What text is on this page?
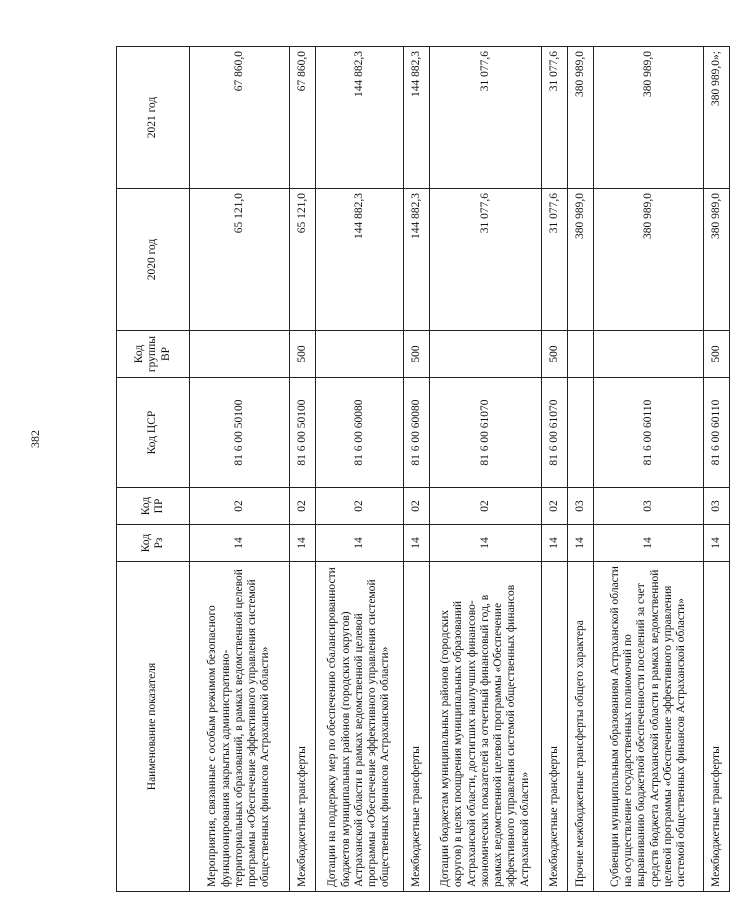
382
Наименование показателя	Код Рз	Код ПР	Код ЦСР	Код группы ВР	2020 год	2021 год
Мероприятия, связанные с особым режимом безопасного функционирования закрытых административно-территориальных образований, в рамках ведомственной целевой программы «Обеспечение эффективного управления системой общественных финансов Астраханской области»	14	02	81 6 00 50100		65 121,0	67 860,0
Межбюджетные трансферты	14	02	81 6 00 50100	500	65 121,0	67 860,0
Дотации на поддержку мер по обеспечению сбалансированности бюджетов муниципальных районов (городских округов) Астраханской области в рамках ведомственной целевой программы «Обеспечение эффективного управления системой общественных финансов Астраханской области»	14	02	81 6 00 60080		144 882,3	144 882,3
Межбюджетные трансферты	14	02	81 6 00 60080	500	144 882,3	144 882,3
Дотации бюджетам муниципальных районов (городских округов) в целях поощрения муниципальных образований Астраханской области, достигших наилучших финансово-экономических показателей за отчетный финансовый год, в рамках ведомственной целевой программы «Обеспечение эффективного управления системой общественных финансов Астраханской области»	14	02	81 6 00 61070		31 077,6	31 077,6
Межбюджетные трансферты	14	02	81 6 00 61070	500	31 077,6	31 077,6
Прочие межбюджетные трансферты общего характера	14	03			380 989,0	380 989,0
Субвенции муниципальным образованиям Астраханской области на осуществление государственных полномочий по выравниванию бюджетной обеспеченности поселений за счет средств бюджета Астраханской области в рамках ведомственной целевой программы «Обеспечение эффективного управления системой общественных финансов Астраханской области»	14	03	81 6 00 60110		380 989,0	380 989,0
Межбюджетные трансферты	14	03	81 6 00 60110	500	380 989,0	380 989,0»;
